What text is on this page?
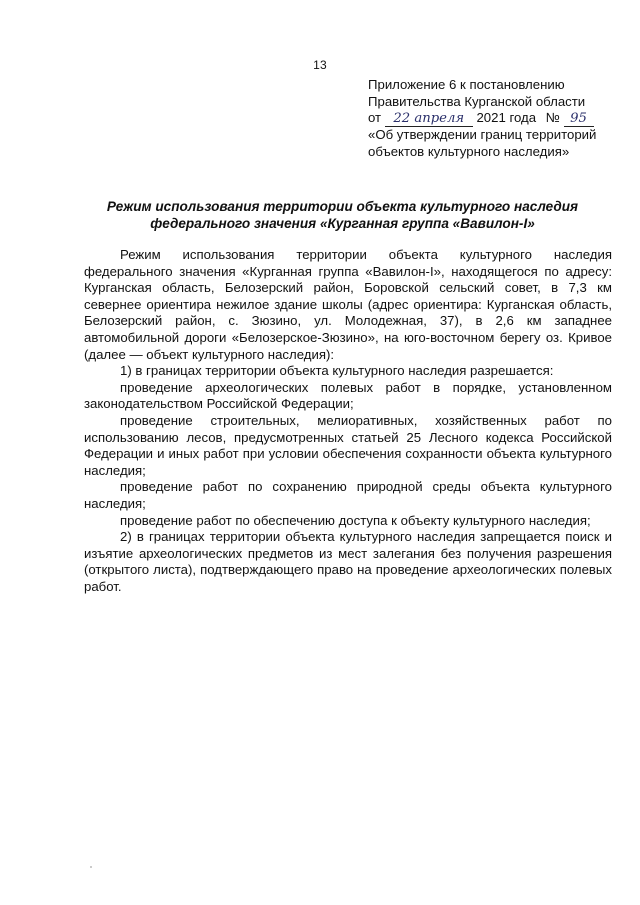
13
Приложение 6 к постановлению
Правительства Курганской области
от 22 апреля 2021 года № 95
«Об утверждении границ территорий
объектов культурного наследия»
Режим использования территории объекта культурного наследия
федерального значения «Курганная группа «Вавилон-I»

Режим использования территории объекта культурного наследия федерального значения «Курганная группа «Вавилон-I», находящегося по адресу: Курганская область, Белозерский район, Боровской сельский совет, в 7,3 км севернее ориентира нежилое здание школы (адрес ориентира: Курганская область, Белозерский район, с. Зюзино, ул. Молодежная, 37), в 2,6 км западнее автомобильной дороги «Белозерское-Зюзино», на юго-восточном берегу оз. Кривое (далее — объект культурного наследия):

1) в границах территории объекта культурного наследия разрешается:

проведение археологических полевых работ в порядке, установленном законодательством Российской Федерации;

проведение строительных, мелиоративных, хозяйственных работ по использованию лесов, предусмотренных статьей 25 Лесного кодекса Российской Федерации и иных работ при условии обеспечения сохранности объекта культурного наследия;

проведение работ по сохранению природной среды объекта культурного наследия;

проведение работ по обеспечению доступа к объекту культурного наследия;

2) в границах территории объекта культурного наследия запрещается поиск и изъятие археологических предметов из мест залегания без получения разрешения (открытого листа), подтверждающего право на проведение археологических полевых работ.
